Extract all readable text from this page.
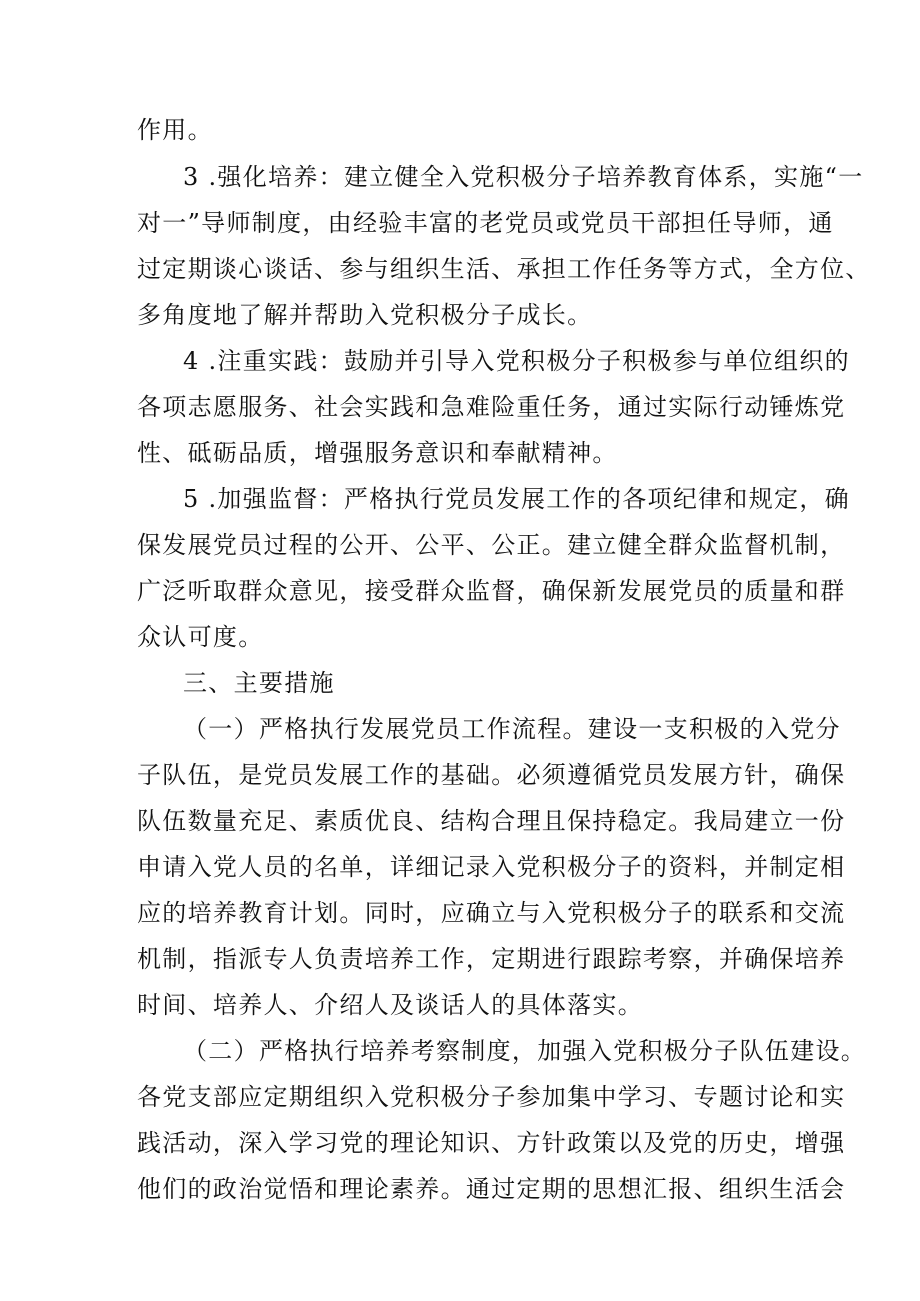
作用。
3 .强化培养：建立健全入党积极分子培养教育体系，实施“一
对一”导师制度，由经验丰富的老党员或党员干部担任导师，通
过定期谈心谈话、参与组织生活、承担工作任务等方式，全方位、
多角度地了解并帮助入党积极分子成长。
4 .注重实践：鼓励并引导入党积极分子积极参与单位组织的
各项志愿服务、社会实践和急难险重任务，通过实际行动锤炼党
性、砥砺品质，增强服务意识和奉献精神。
5 .加强监督：严格执行党员发展工作的各项纪律和规定，确
保发展党员过程的公开、公平、公正。建立健全群众监督机制，
广泛听取群众意见，接受群众监督，确保新发展党员的质量和群
众认可度。
三、主要措施
（一）严格执行发展党员工作流程。建设一支积极的入党分
子队伍，是党员发展工作的基础。必须遵循党员发展方针，确保
队伍数量充足、素质优良、结构合理且保持稳定。我局建立一份
申请入党人员的名单，详细记录入党积极分子的资料，并制定相
应的培养教育计划。同时，应确立与入党积极分子的联系和交流
机制，指派专人负责培养工作，定期进行跟踪考察，并确保培养
时间、培养人、介绍人及谈话人的具体落实。
（二）严格执行培养考察制度，加强入党积极分子队伍建设。
各党支部应定期组织入党积极分子参加集中学习、专题讨论和实
践活动，深入学习党的理论知识、方针政策以及党的历史，增强
他们的政治觉悟和理论素养。通过定期的思想汇报、组织生活会
